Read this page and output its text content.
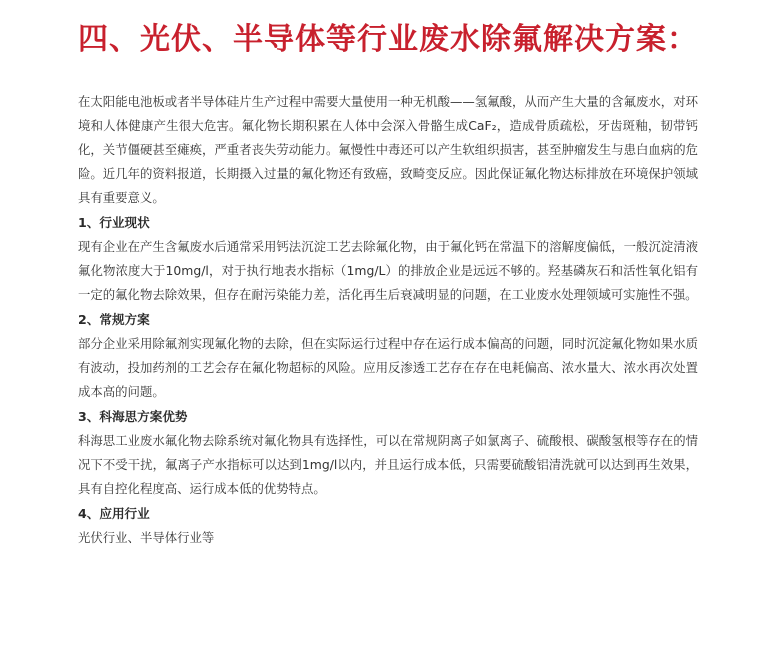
四、光伏、半导体等行业废水除氟解决方案：

在太阳能电池板或者半导体硅片生产过程中需要大量使用一种无机酸——氢氟酸，从而产生大量的含氟废水，对环境和人体健康产生很大危害。氟化物长期积累在人体中会深入骨骼生成CaF₂，造成骨质疏松，牙齿斑釉，韧带钙化，关节僵硬甚至瘫痪，严重者丧失劳动能力。氟慢性中毒还可以产生软组织损害，甚至肿瘤发生与患白血病的危险。近几年的资料报道，长期摄入过量的氟化物还有致癌，致畸变反应。因此保证氟化物达标排放在环境保护领域具有重要意义。

1、行业现状

现有企业在产生含氟废水后通常采用钙法沉淀工艺去除氟化物，由于氟化钙在常温下的溶解度偏低，一般沉淀清液氟化物浓度大于10mg/l，对于执行地表水指标（1mg/L）的排放企业是远远不够的。羟基磷灰石和活性氧化铝有一定的氟化物去除效果，但存在耐污染能力差，活化再生后衰减明显的问题，在工业废水处理领域可实施性不强。

2、常规方案

部分企业采用除氟剂实现氟化物的去除，但在实际运行过程中存在运行成本偏高的问题，同时沉淀氟化物如果水质有波动，投加药剂的工艺会存在氟化物超标的风险。应用反渗透工艺存在存在电耗偏高、浓水量大、浓水再次处置成本高的问题。

3、科海思方案优势

科海思工业废水氟化物去除系统对氟化物具有选择性，可以在常规阴离子如氯离子、硫酸根、碳酸氢根等存在的情况下不受干扰，氟离子产水指标可以达到1mg/l以内，并且运行成本低，只需要硫酸铝清洗就可以达到再生效果，具有自控化程度高、运行成本低的优势特点。

4、应用行业

光伏行业、半导体行业等
